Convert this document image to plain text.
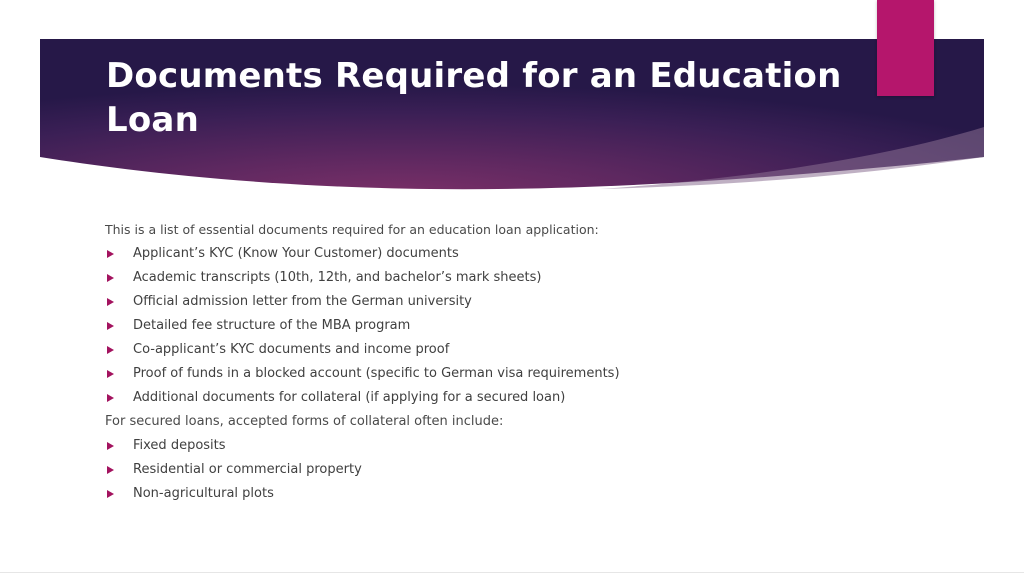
Documents Required for an Education Loan

This is a list of essential documents required for an education loan application:

Applicant’s KYC (Know Your Customer) documents
Academic transcripts (10th, 12th, and bachelor’s mark sheets)
Official admission letter from the German university
Detailed fee structure of the MBA program
Co-applicant’s KYC documents and income proof
Proof of funds in a blocked account (specific to German visa requirements)
Additional documents for collateral (if applying for a secured loan)

For secured loans, accepted forms of collateral often include:

Fixed deposits
Residential or commercial property
Non-agricultural plots
